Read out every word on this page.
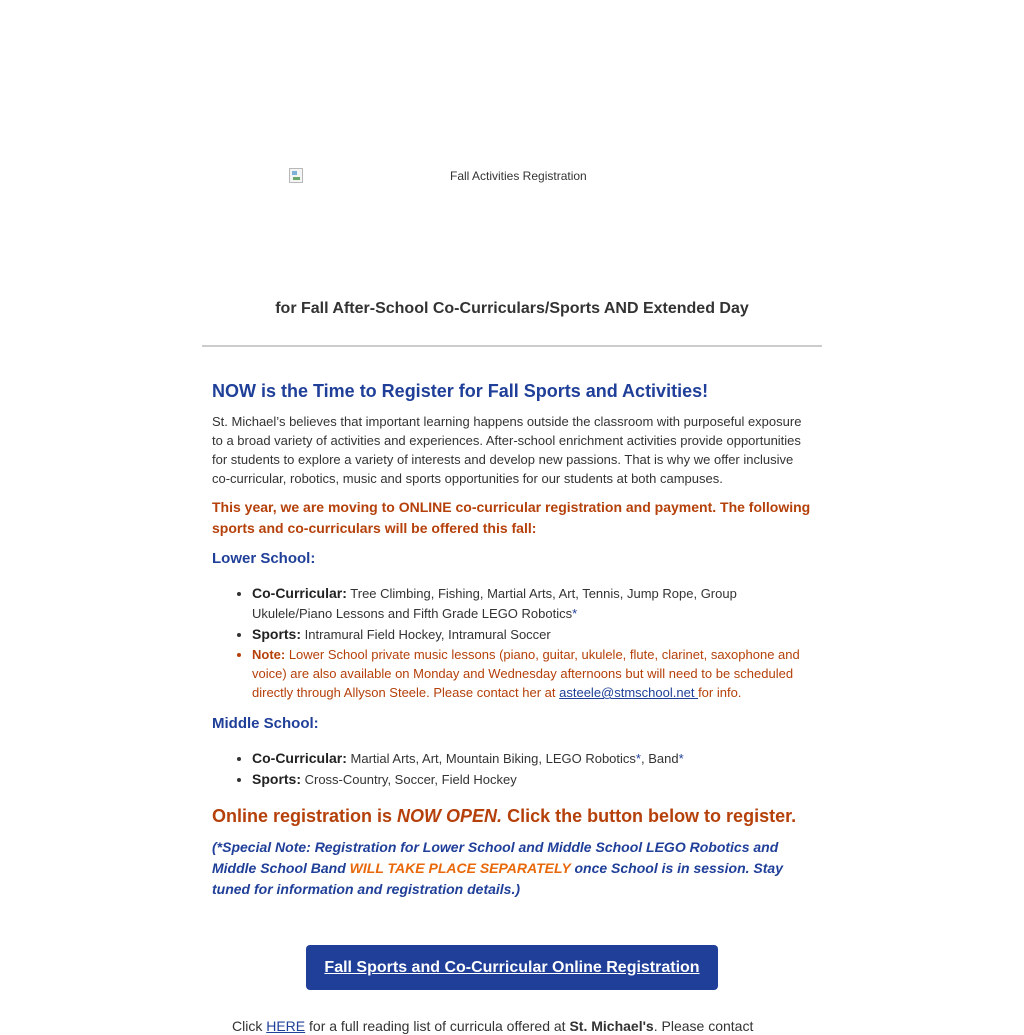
Fall Activities Registration
for Fall After-School Co-Curriculars/Sports AND Extended Day
NOW is the Time to Register for Fall Sports and Activities!

St. Michael’s believes that important learning happens outside the classroom with purposeful exposure to a broad variety of activities and experiences. After-school enrichment activities provide opportunities for students to explore a variety of interests and develop new passions. That is why we offer inclusive co-curricular, robotics, music and sports opportunities for our students at both campuses.

This year, we are moving to ONLINE co-curricular registration and payment. The following sports and co-curriculars will be offered this fall:

Lower School:
• Co-Curricular: Tree Climbing, Fishing, Martial Arts, Art, Tennis, Jump Rope, Group Ukulele/Piano Lessons and Fifth Grade LEGO Robotics*
• Sports: Intramural Field Hockey, Intramural Soccer
• Note: Lower School private music lessons (piano, guitar, ukulele, flute, clarinet, saxophone and voice) are also available on Monday and Wednesday afternoons but will need to be scheduled directly through Allyson Steele. Please contact her at asteele@stmschool.net for info.
Middle School:
• Co-Curricular: Martial Arts, Art, Mountain Biking, LEGO Robotics*, Band*
• Sports: Cross-Country, Soccer, Field Hockey

Online registration is NOW OPEN. Click the button below to register.

(*Special Note: Registration for Lower School and Middle School LEGO Robotics and Middle School Band WILL TAKE PLACE SEPARATELY once School is in session. Stay tuned for information and registration details.)

Fall Sports and Co-Curricular Online Registration
Click HERE for a full reading list of curricula offered at St. Michael's. Please contact
